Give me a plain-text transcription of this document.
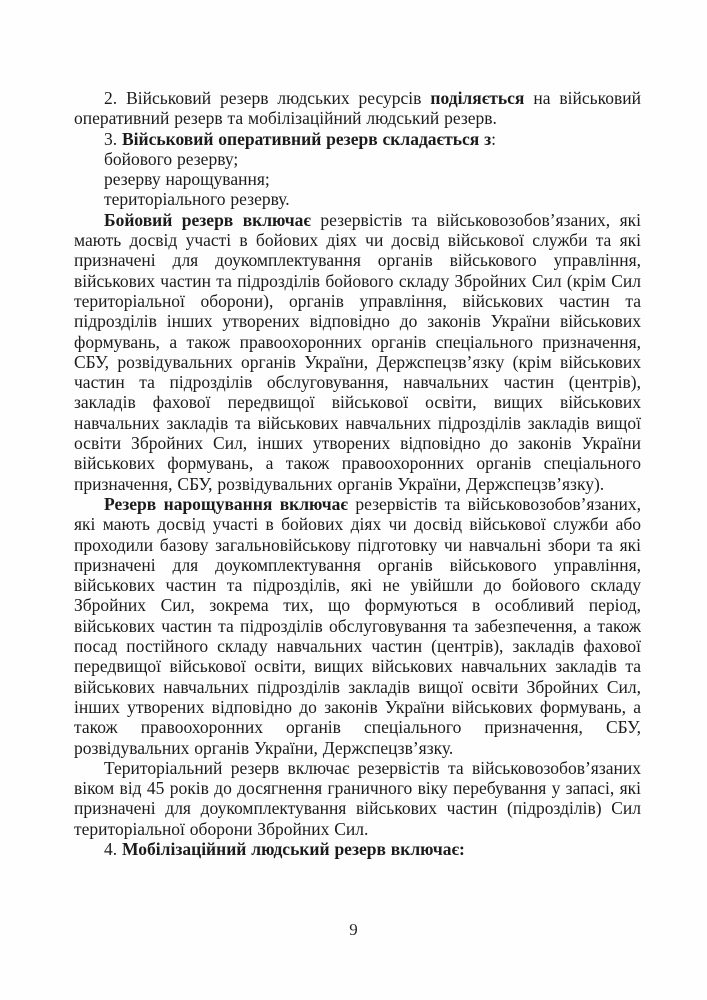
2. Військовий резерв людських ресурсів поділяється на військовий оперативний резерв та мобілізаційний людський резерв.

3. Військовий оперативний резерв складається з:

бойового резерву;

резерву нарощування;

територіального резерву.

Бойовий резерв включає резервістів та військовозобов’язаних, які мають досвід участі в бойових діях чи досвід військової служби та які призначені для доукомплектування органів військового управління, військових частин та підрозділів бойового складу Збройних Сил (крім Сил територіальної оборони), органів управління, військових частин та підрозділів інших утворених відповідно до законів України військових формувань, а також правоохоронних органів спеціального призначення, СБУ, розвідувальних органів України, Держспецзв’язку (крім військових частин та підрозділів обслуговування, навчальних частин (центрів), закладів фахової передвищої військової освіти, вищих військових навчальних закладів та військових навчальних підрозділів закладів вищої освіти Збройних Сил, інших утворених відповідно до законів України військових формувань, а також правоохоронних органів спеціального призначення, СБУ, розвідувальних органів України, Держспецзв’язку).

Резерв нарощування включає резервістів та військовозобов’язаних, які мають досвід участі в бойових діях чи досвід військової служби або проходили базову загальновійськову підготовку чи навчальні збори та які призначені для доукомплектування органів військового управління, військових частин та підрозділів, які не увійшли до бойового складу Збройних Сил, зокрема тих, що формуються в особливий період, військових частин та підрозділів обслуговування та забезпечення, а також посад постійного складу навчальних частин (центрів), закладів фахової передвищої військової освіти, вищих військових навчальних закладів та військових навчальних підрозділів закладів вищої освіти Збройних Сил, інших утворених відповідно до законів України військових формувань, а також правоохоронних органів спеціального призначення, СБУ, розвідувальних органів України, Держспецзв’язку.

Територіальний резерв включає резервістів та військовозобов’язаних віком від 45 років до досягнення граничного віку перебування у запасі, які призначені для доукомплектування військових частин (підрозділів) Сил територіальної оборони Збройних Сил.

4. Мобілізаційний людський резерв включає:

9
